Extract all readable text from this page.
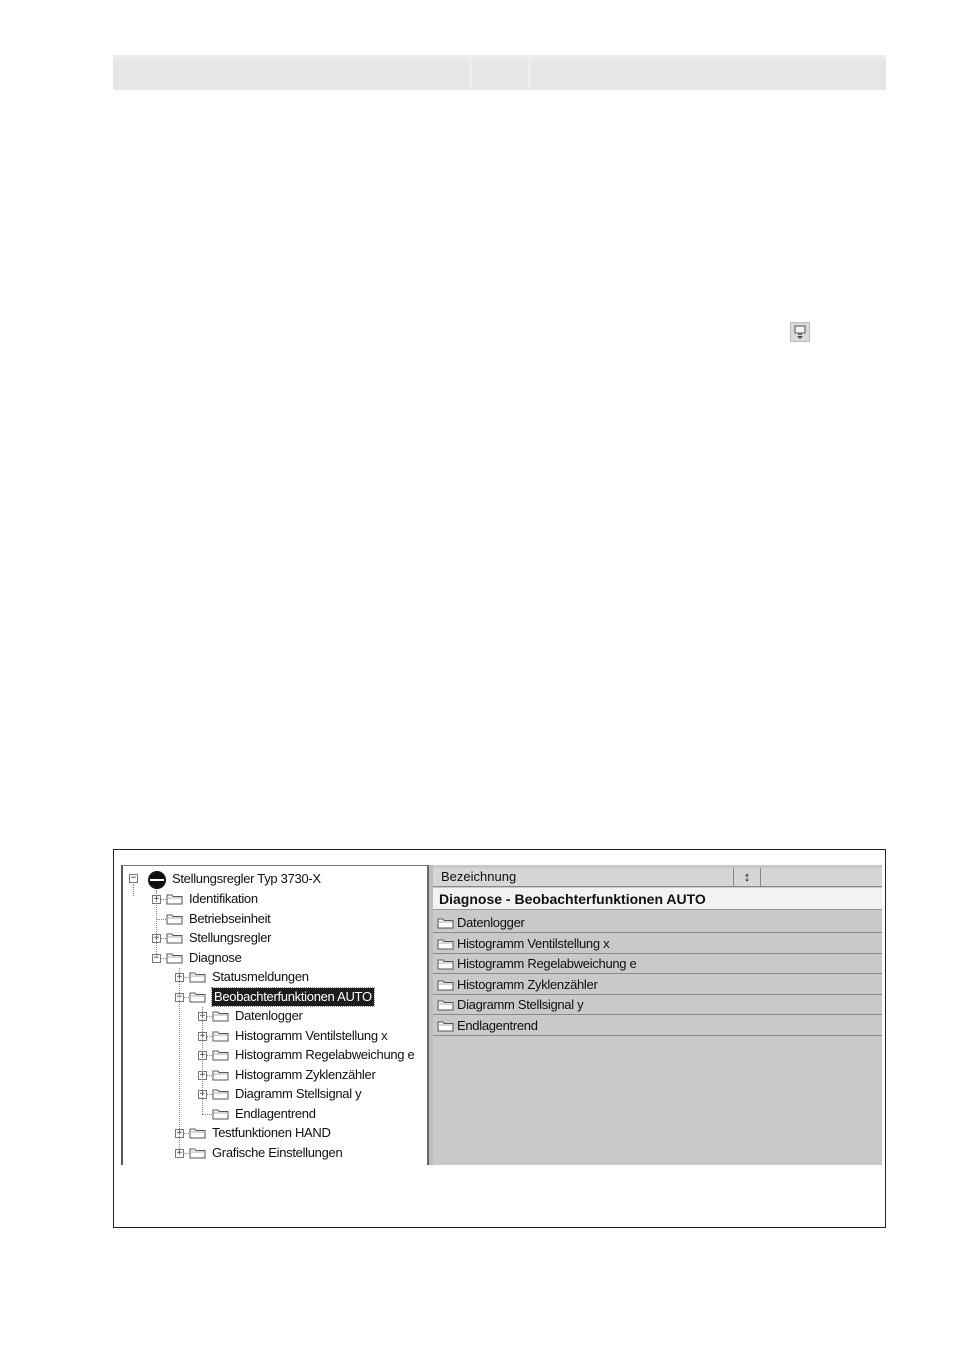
−	Stellungsregler Typ 3730-X
Identifikation
Betriebseinheit
Stellungsregler
Diagnose
Statusmeldungen
Beobachterfunktionen AUTO
Datenlogger
Histogramm Ventilstellung x
Histogramm Regelabweichung e
Histogramm Zyklenzähler
Diagramm Stellsignal y
Endlagentrend
Testfunktionen HAND
Grafische Einstellungen
+
+
−
+
−
+
+
+
+
+
+
+
Bezeichnung	↕
Diagnose - Beobachterfunktionen AUTO
Datenlogger
Histogramm Ventilstellung x
Histogramm Regelabweichung e
Histogramm Zyklenzähler
Diagramm Stellsignal y
Endlagentrend
